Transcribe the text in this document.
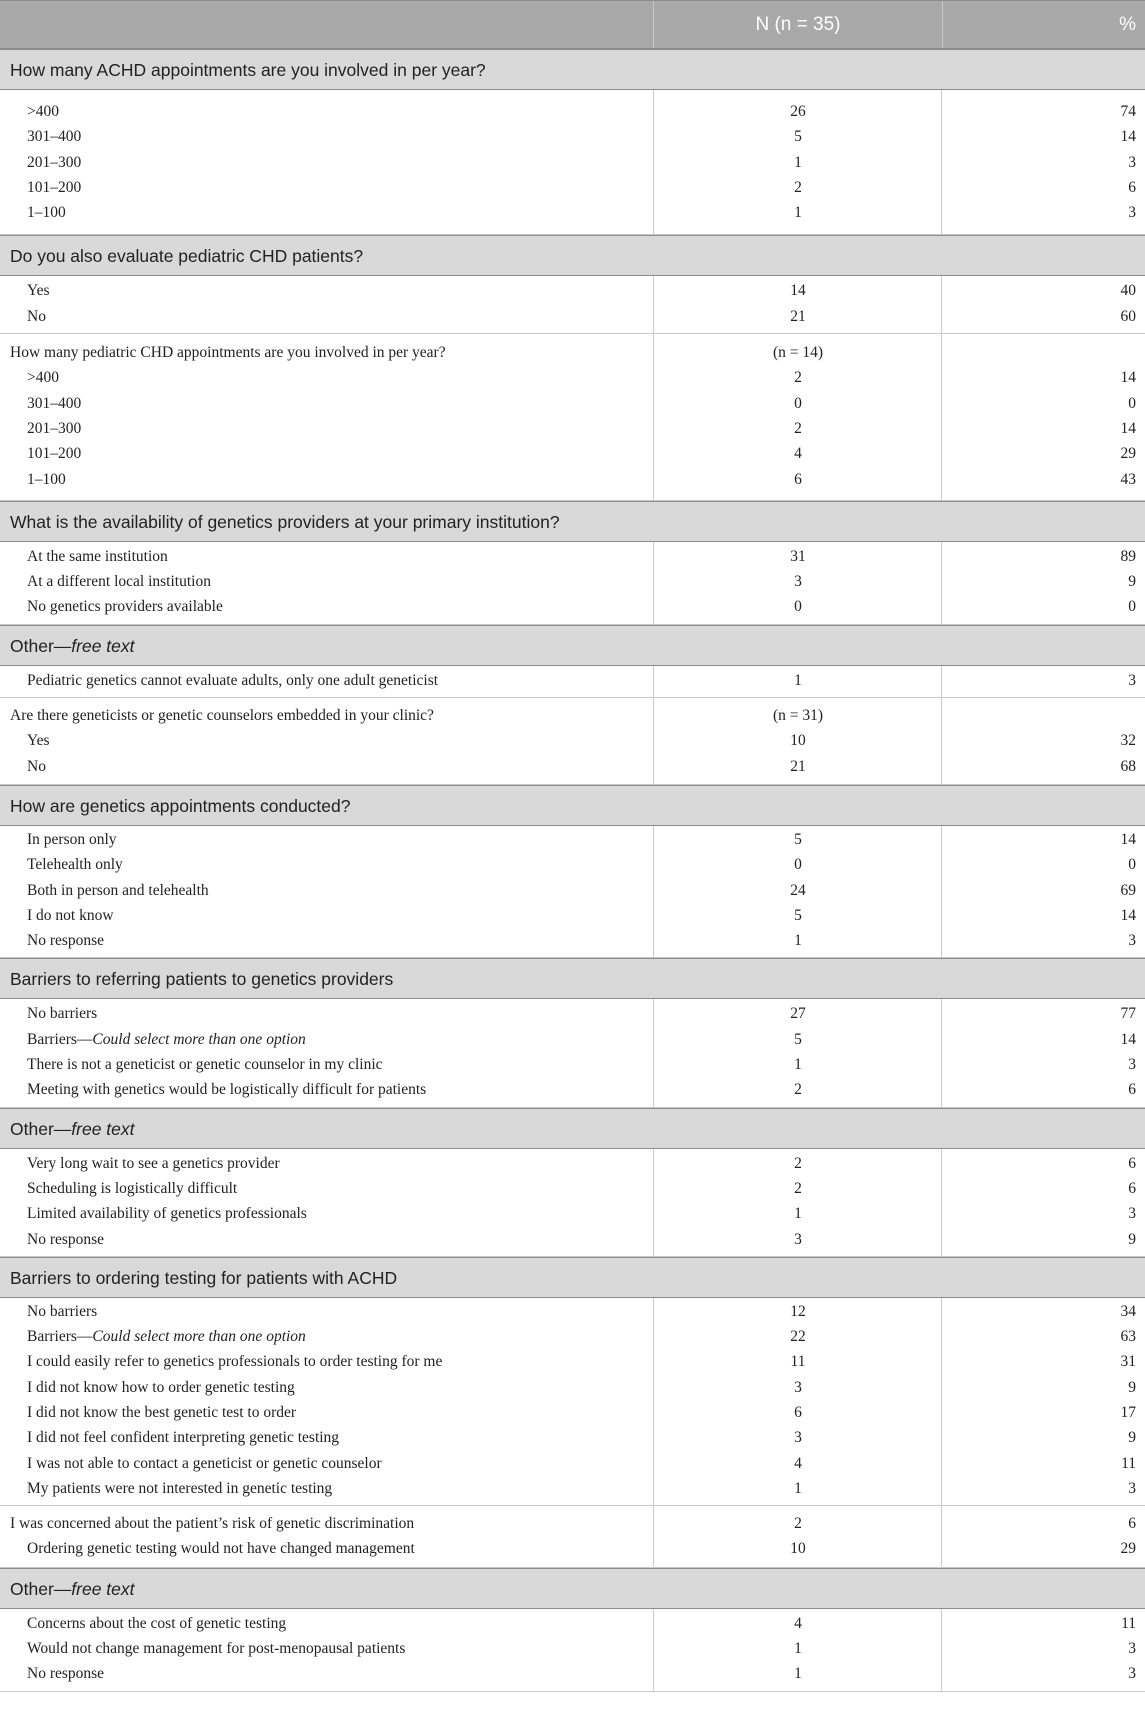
N (n = 35)	%
How many ACHD appointments are you involved in per year?
>400	26	74
301–400	5	14
201–300	1	3
101–200	2	6
1–100	1	3
Do you also evaluate pediatric CHD patients?
Yes	14	40
No	21	60
How many pediatric CHD appointments are you involved in per year?	(n = 14)
>400	2	14
301–400	0	0
201–300	2	14
101–200	4	29
1–100	6	43
What is the availability of genetics providers at your primary institution?
At the same institution	31	89
At a different local institution	3	9
No genetics providers available	0	0
Other—free text
Pediatric genetics cannot evaluate adults, only one adult geneticist	1	3
Are there geneticists or genetic counselors embedded in your clinic?	(n = 31)
Yes	10	32
No	21	68
How are genetics appointments conducted?
In person only	5	14
Telehealth only	0	0
Both in person and telehealth	24	69
I do not know	5	14
No response	1	3
Barriers to referring patients to genetics providers
No barriers	27	77
Barriers—Could select more than one option	5	14
There is not a geneticist or genetic counselor in my clinic	1	3
Meeting with genetics would be logistically difficult for patients	2	6
Other—free text
Very long wait to see a genetics provider	2	6
Scheduling is logistically difficult	2	6
Limited availability of genetics professionals	1	3
No response	3	9
Barriers to ordering testing for patients with ACHD
No barriers	12	34
Barriers—Could select more than one option	22	63
I could easily refer to genetics professionals to order testing for me	11	31
I did not know how to order genetic testing	3	9
I did not know the best genetic test to order	6	17
I did not feel confident interpreting genetic testing	3	9
I was not able to contact a geneticist or genetic counselor	4	11
My patients were not interested in genetic testing	1	3
I was concerned about the patient’s risk of genetic discrimination	2	6
Ordering genetic testing would not have changed management	10	29
Other—free text
Concerns about the cost of genetic testing	4	11
Would not change management for post-menopausal patients	1	3
No response	1	3
